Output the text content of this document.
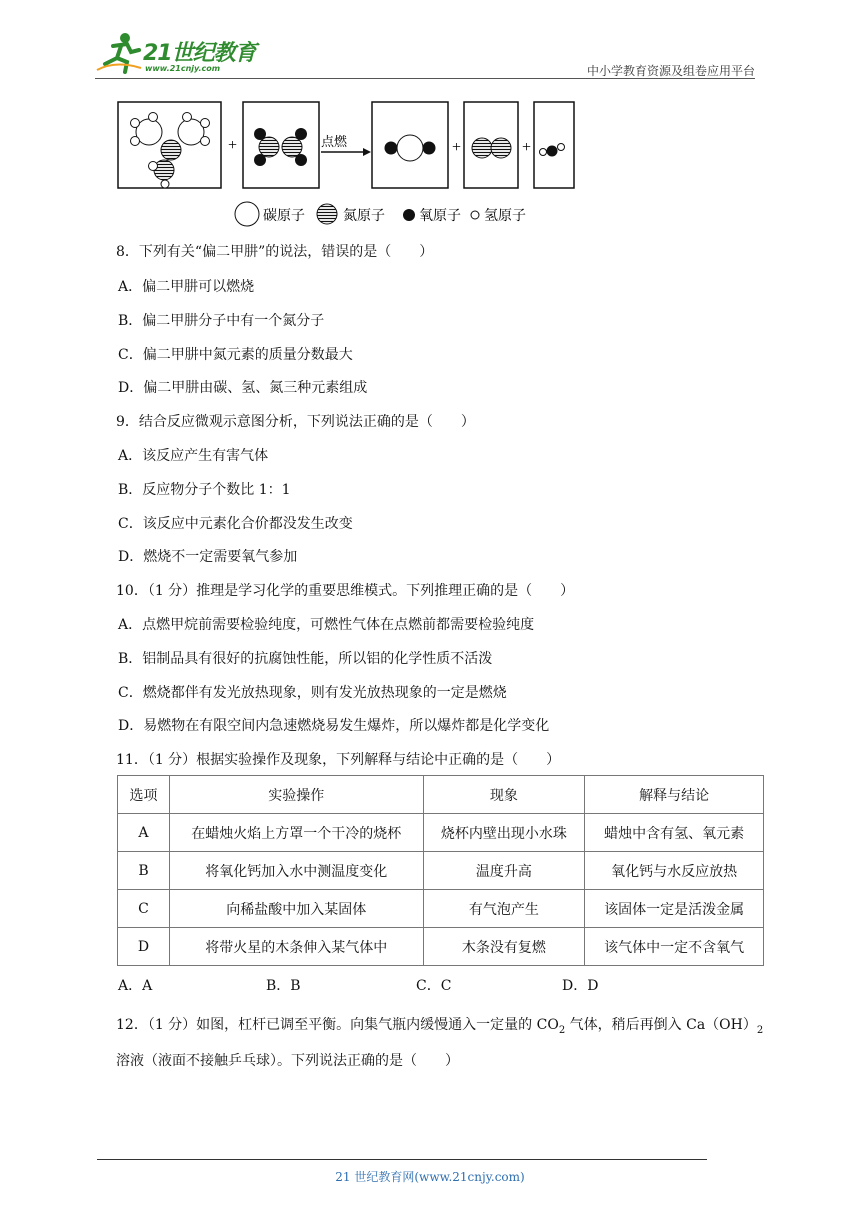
21世纪教育
www.21cnjy.com	中小学教育资源及组卷应用平台
+	点燃	+	+
碳原子	氮原子 氧原子 氢原子
8．下列有关“偏二甲肼”的说法，错误的是（　　）
A．偏二甲肼可以燃烧
B．偏二甲肼分子中有一个氮分子
C．偏二甲肼中氮元素的质量分数最大
D．偏二甲肼由碳、氢、氮三种元素组成
9．结合反应微观示意图分析，下列说法正确的是（　　）
A．该反应产生有害气体
B．反应物分子个数比 1：1
C．该反应中元素化合价都没发生改变
D．燃烧不一定需要氧气参加
10．（1 分）推理是学习化学的重要思维模式。下列推理正确的是（　　）
A．点燃甲烷前需要检验纯度，可燃性气体在点燃前都需要检验纯度
B．铝制品具有很好的抗腐蚀性能，所以铝的化学性质不活泼
C．燃烧都伴有发光放热现象，则有发光放热现象的一定是燃烧
D．易燃物在有限空间内急速燃烧易发生爆炸，所以爆炸都是化学变化
11．（1 分）根据实验操作及现象，下列解释与结论中正确的是（　　）
选项	实验操作	现象	解释与结论
A	在蜡烛火焰上方罩一个干冷的烧杯	烧杯内壁出现小水珠	蜡烛中含有氢、氧元素
B	将氧化钙加入水中测温度变化	温度升高	氧化钙与水反应放热
C	向稀盐酸中加入某固体	有气泡产生	该固体一定是活泼金属
D	将带火星的木条伸入某气体中	木条没有复燃	该气体中一定不含氧气
A．A	B．B	C．C	D．D
12．（1 分）如图，杠杆已调至平衡。向集气瓶内缓慢通入一定量的 $CO_2$ 气体，稍后再倒入 $Ca(OH)_2$ 溶液（液面不接触乒乓球）。下列说法正确的是（　　）
21 世纪教育网(www.21cnjy.com)
